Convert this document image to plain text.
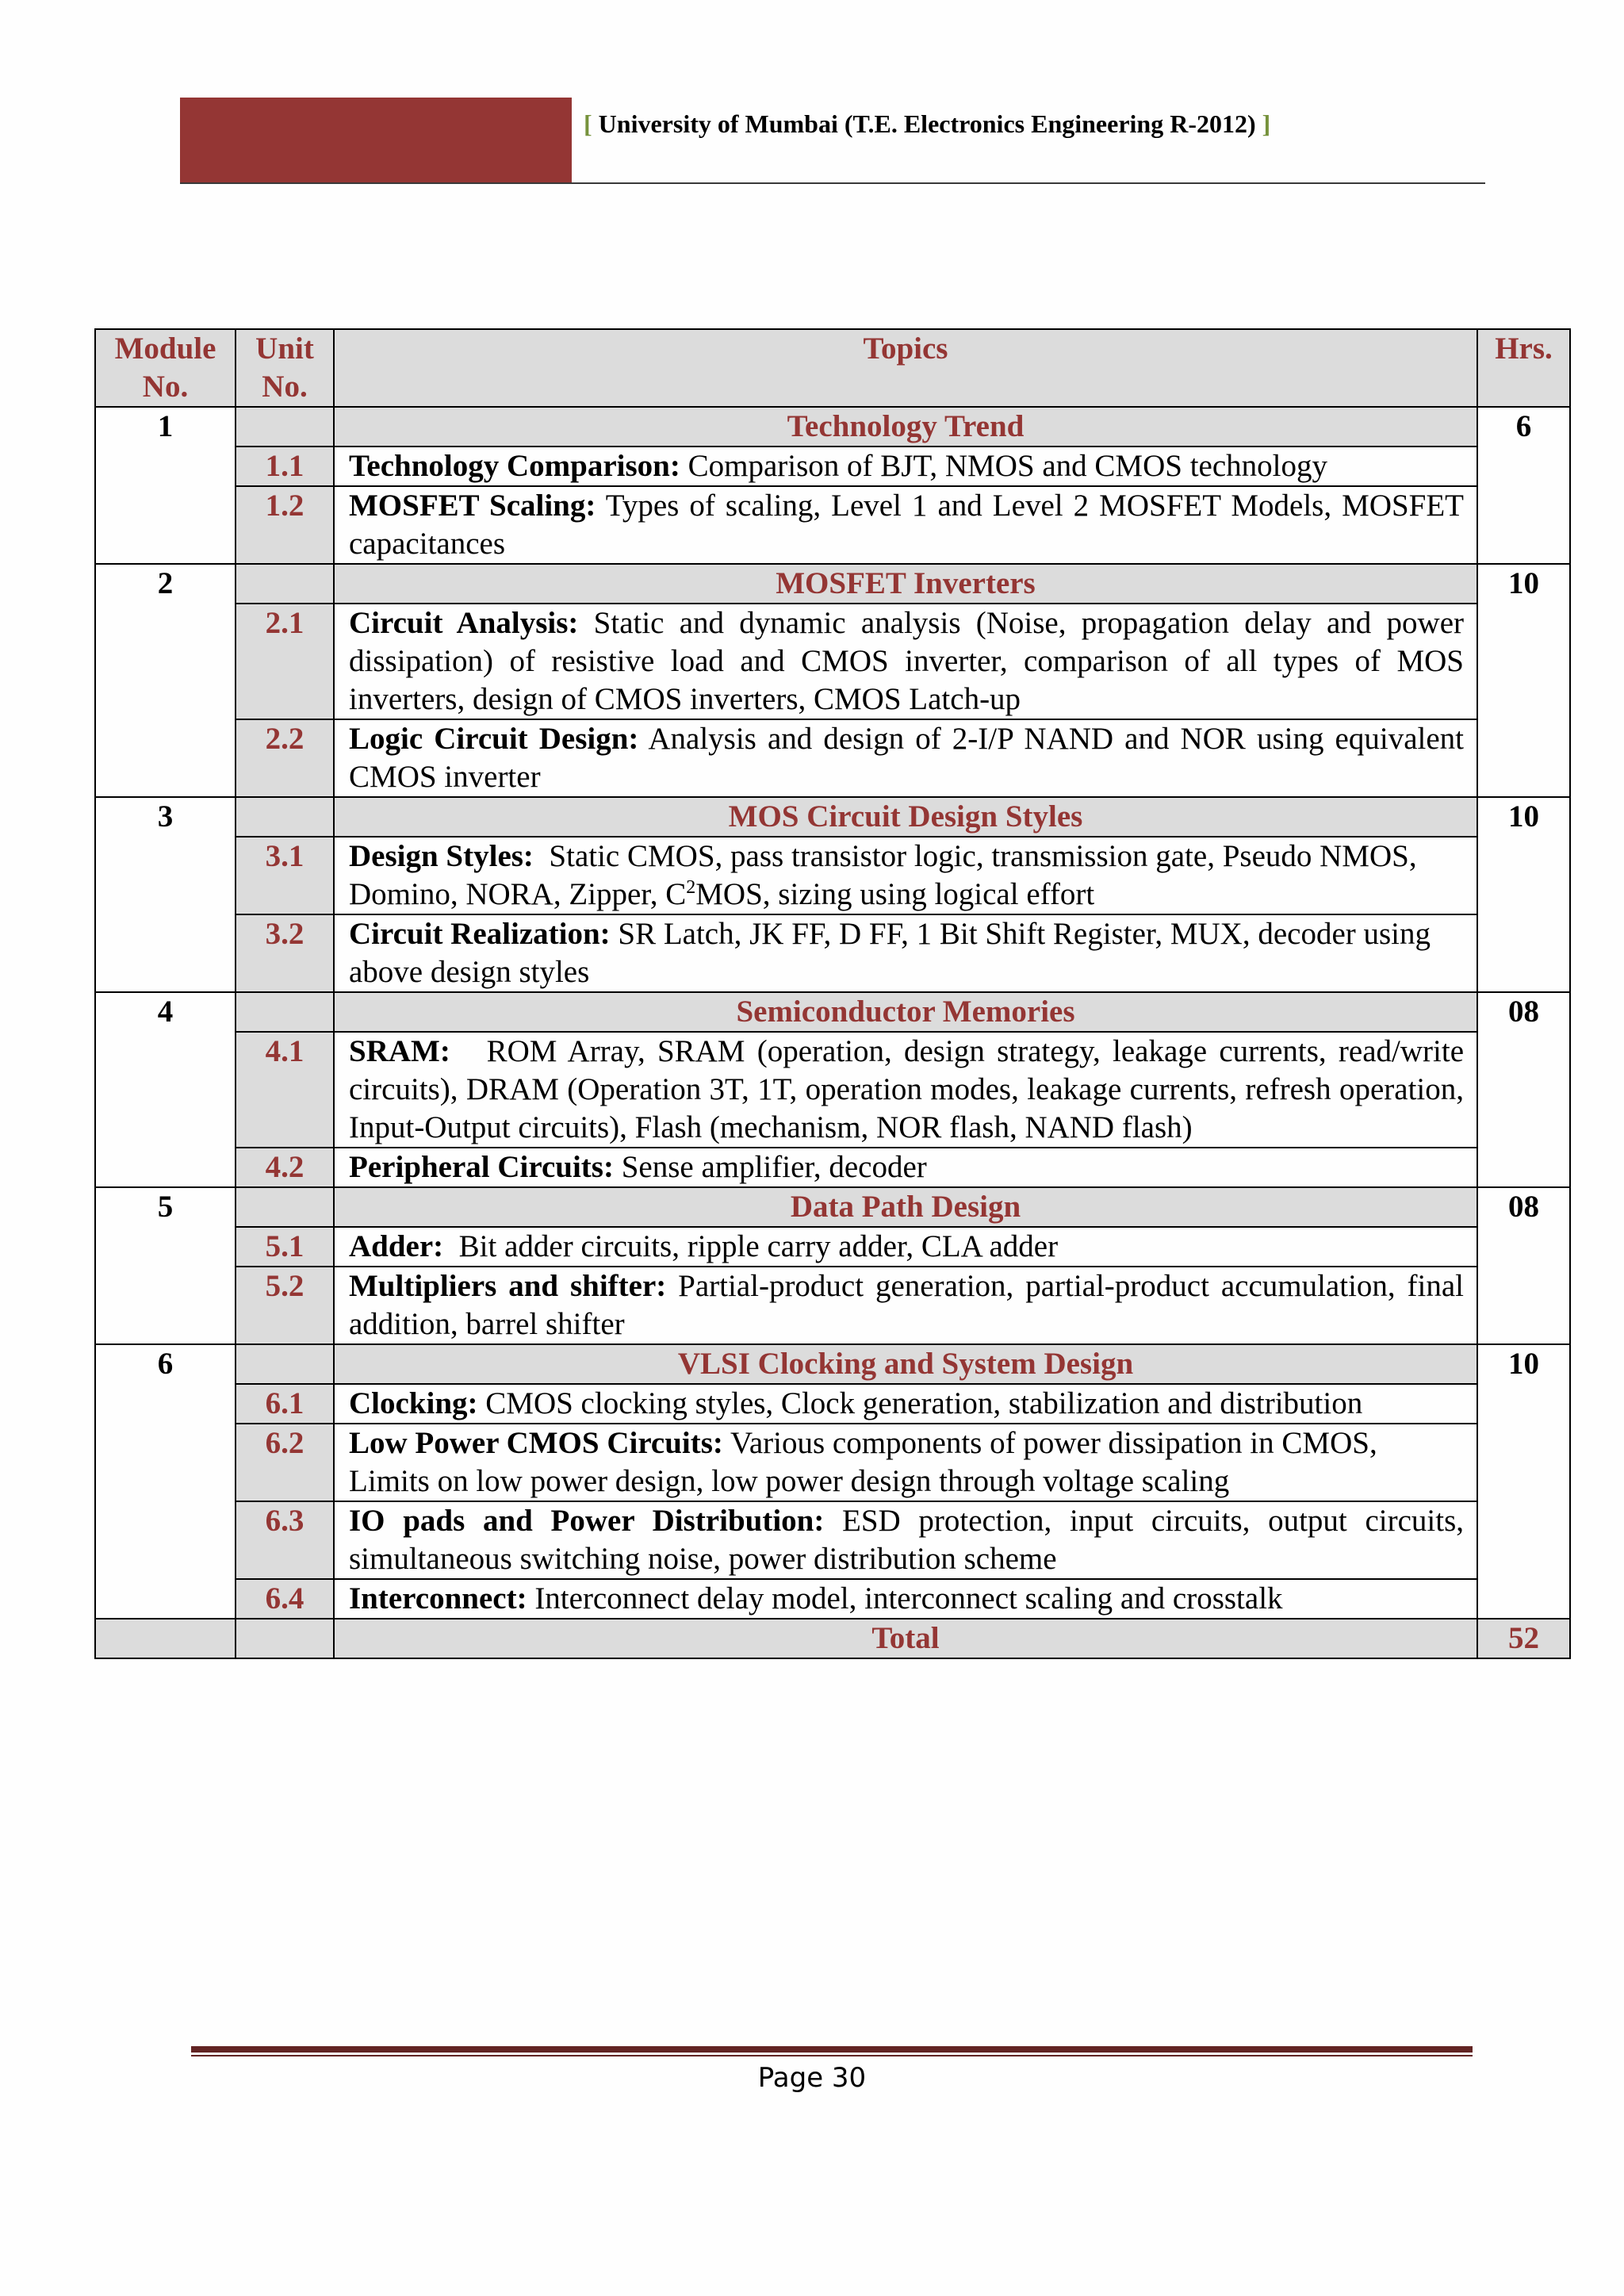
[ University of Mumbai (T.E. Electronics Engineering R-2012) ]
Module No.	Unit No.	Topics	Hrs.
1		Technology Trend	6
	1.1	Technology Comparison: Comparison of BJT, NMOS and CMOS technology	
	1.2	MOSFET Scaling: Types of scaling, Level 1 and Level 2 MOSFET Models, MOSFET capacitances	
2		MOSFET Inverters	10
	2.1	Circuit Analysis: Static and dynamic analysis (Noise, propagation delay and power dissipation) of resistive load and CMOS inverter, comparison of all types of MOS inverters, design of CMOS inverters, CMOS Latch-up	
	2.2	Logic Circuit Design: Analysis and design of 2-I/P NAND and NOR using equivalent CMOS inverter	
3		MOS Circuit Design Styles	10
	3.1	Design Styles: Static CMOS, pass transistor logic, transmission gate, Pseudo NMOS, Domino, NORA, Zipper, $C^2MOS$, sizing using logical effort	
	3.2	Circuit Realization: SR Latch, JK FF, D FF, 1 Bit Shift Register, MUX, decoder using above design styles	
4		Semiconductor Memories	08
	4.1	SRAM: ROM Array, SRAM (operation, design strategy, leakage currents, read/write circuits), DRAM (Operation 3T, 1T, operation modes, leakage currents, refresh operation, Input-Output circuits), Flash (mechanism, NOR flash, NAND flash)	
	4.2	Peripheral Circuits: Sense amplifier, decoder	
5		Data Path Design	08
	5.1	Adder: Bit adder circuits, ripple carry adder, CLA adder	
	5.2	Multipliers and shifter: Partial-product generation, partial-product accumulation, final addition, barrel shifter	
6		VLSI Clocking and System Design	10
	6.1	Clocking: CMOS clocking styles, Clock generation, stabilization and distribution	
	6.2	Low Power CMOS Circuits: Various components of power dissipation in CMOS, Limits on low power design, low power design through voltage scaling	
	6.3	IO pads and Power Distribution: ESD protection, input circuits, output circuits, simultaneous switching noise, power distribution scheme	
	6.4	Interconnect: Interconnect delay model, interconnect scaling and crosstalk	
		Total	52
Page 30
